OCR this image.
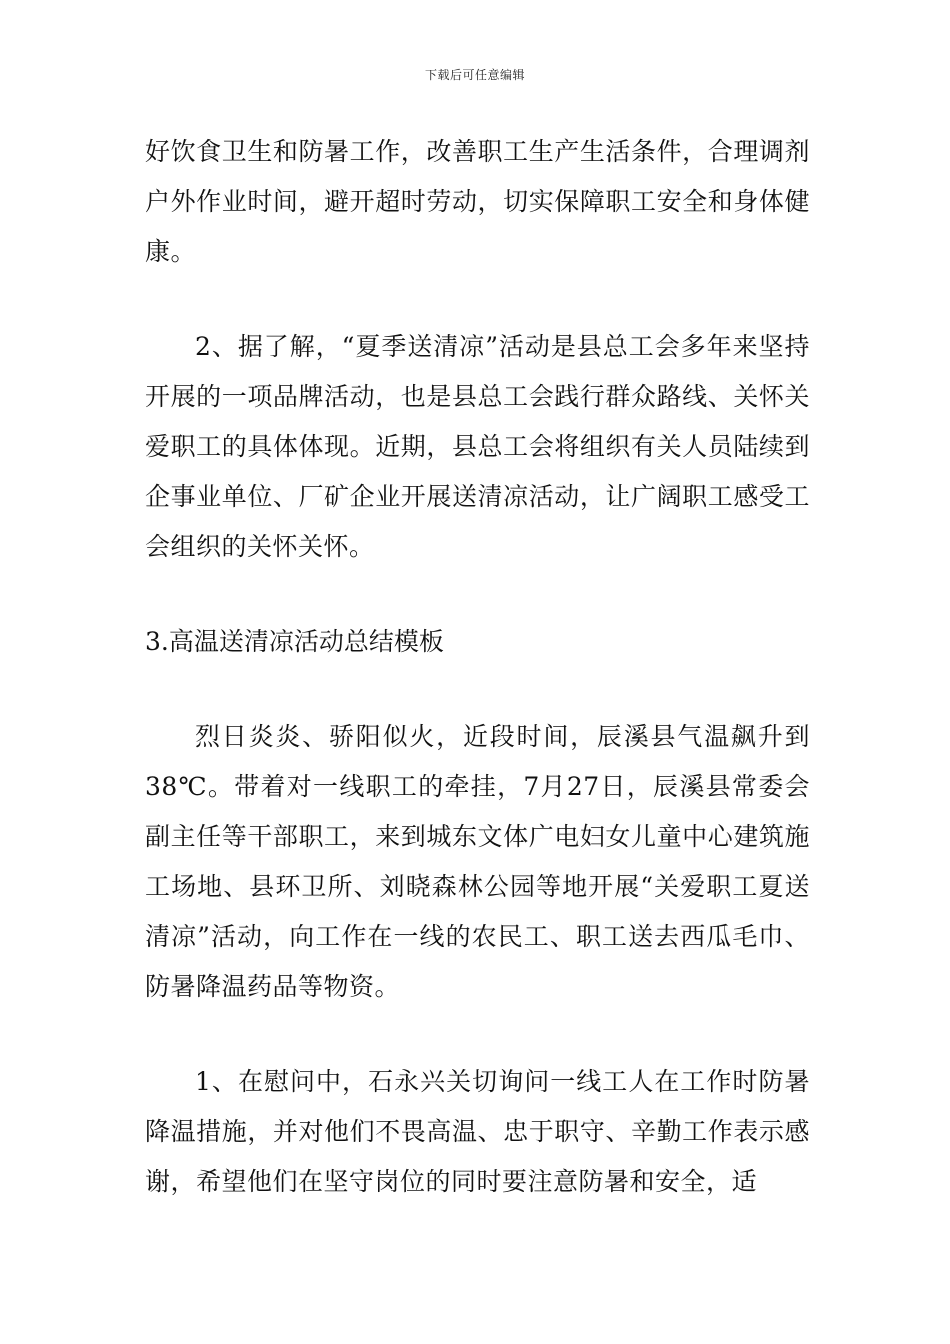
下载后可任意编辑

好饮食卫生和防暑工作，改善职工生产生活条件，合理调剂户外作业时间，避开超时劳动，切实保障职工安全和身体健康。

2、据了解，“夏季送清凉”活动是县总工会多年来坚持开展的一项品牌活动，也是县总工会践行群众路线、关怀关爱职工的具体体现。近期，县总工会将组织有关人员陆续到企事业单位、厂矿企业开展送清凉活动，让广阔职工感受工会组织的关怀关怀。

3.高温送清凉活动总结模板

烈日炎炎、骄阳似火，近段时间，辰溪县气温飙升到38℃。带着对一线职工的牵挂，7月27日，辰溪县常委会副主任等干部职工，来到城东文体广电妇女儿童中心建筑施工场地、县环卫所、刘晓森林公园等地开展“关爱职工夏送清凉”活动，向工作在一线的农民工、职工送去西瓜毛巾、防暑降温药品等物资。

1、在慰问中，石永兴关切询问一线工人在工作时防暑降温措施，并对他们不畏高温、忠于职守、辛勤工作表示感谢，希望他们在坚守岗位的同时要注意防暑和安全，适
